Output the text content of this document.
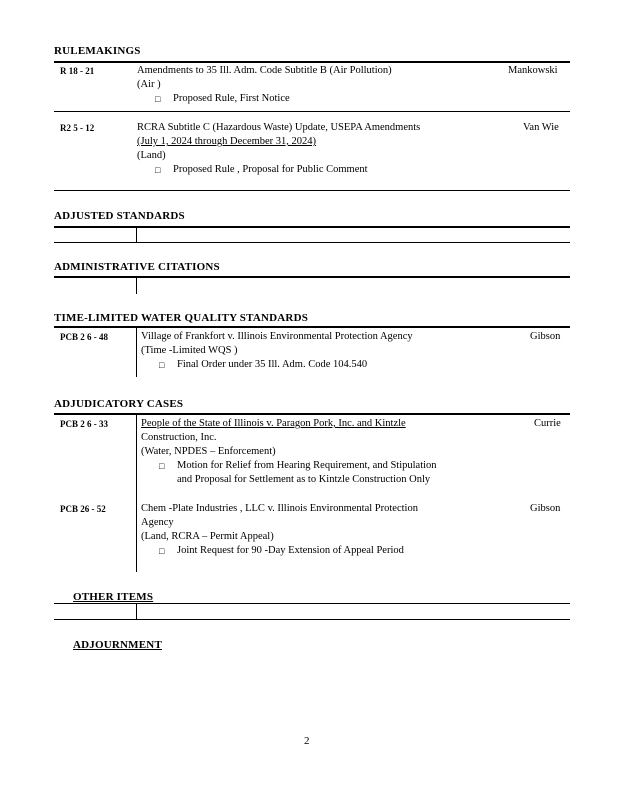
RULEMAKINGS
R 18 - 21	Amendments to 35 Ill. Adm. Code Subtitle B (Air Pollution)
(Air )
□ Proposed Rule, First Notice
Mankowski
R2 5 - 12	RCRA Subtitle C (Hazardous Waste) Update, USEPA Amendments
(July 1, 2024 through December 31, 2024)
(Land)
□ Proposed Rule , Proposal for Public Comment
Van Wie
ADJUSTED STANDARDS
ADMINISTRATIVE CITATIONS
TIME-LIMITED WATER QUALITY STANDARDS
PCB 2 6 - 48	Village of Frankfort v. Illinois Environmental Protection Agency
(Time -Limited WQS )
□ Final Order under 35 Ill. Adm. Code 104.540
Gibson
ADJUDICATORY CASES
PCB 2 6 - 33	People of the State of Illinois v. Paragon Pork, Inc. and Kintzle
Construction, Inc.
(Water, NPDES – Enforcement)
□ Motion for Relief from Hearing Requirement, and Stipulation
and Proposal for Settlement as to Kintzle Construction Only
Currie
PCB 26 - 52	Chem -Plate Industries , LLC v. Illinois Environmental Protection
Agency
(Land, RCRA – Permit Appeal)
□ Joint Request for 90 -Day Extension of Appeal Period
Gibson
OTHER ITEMS
ADJOURNMENT
2
